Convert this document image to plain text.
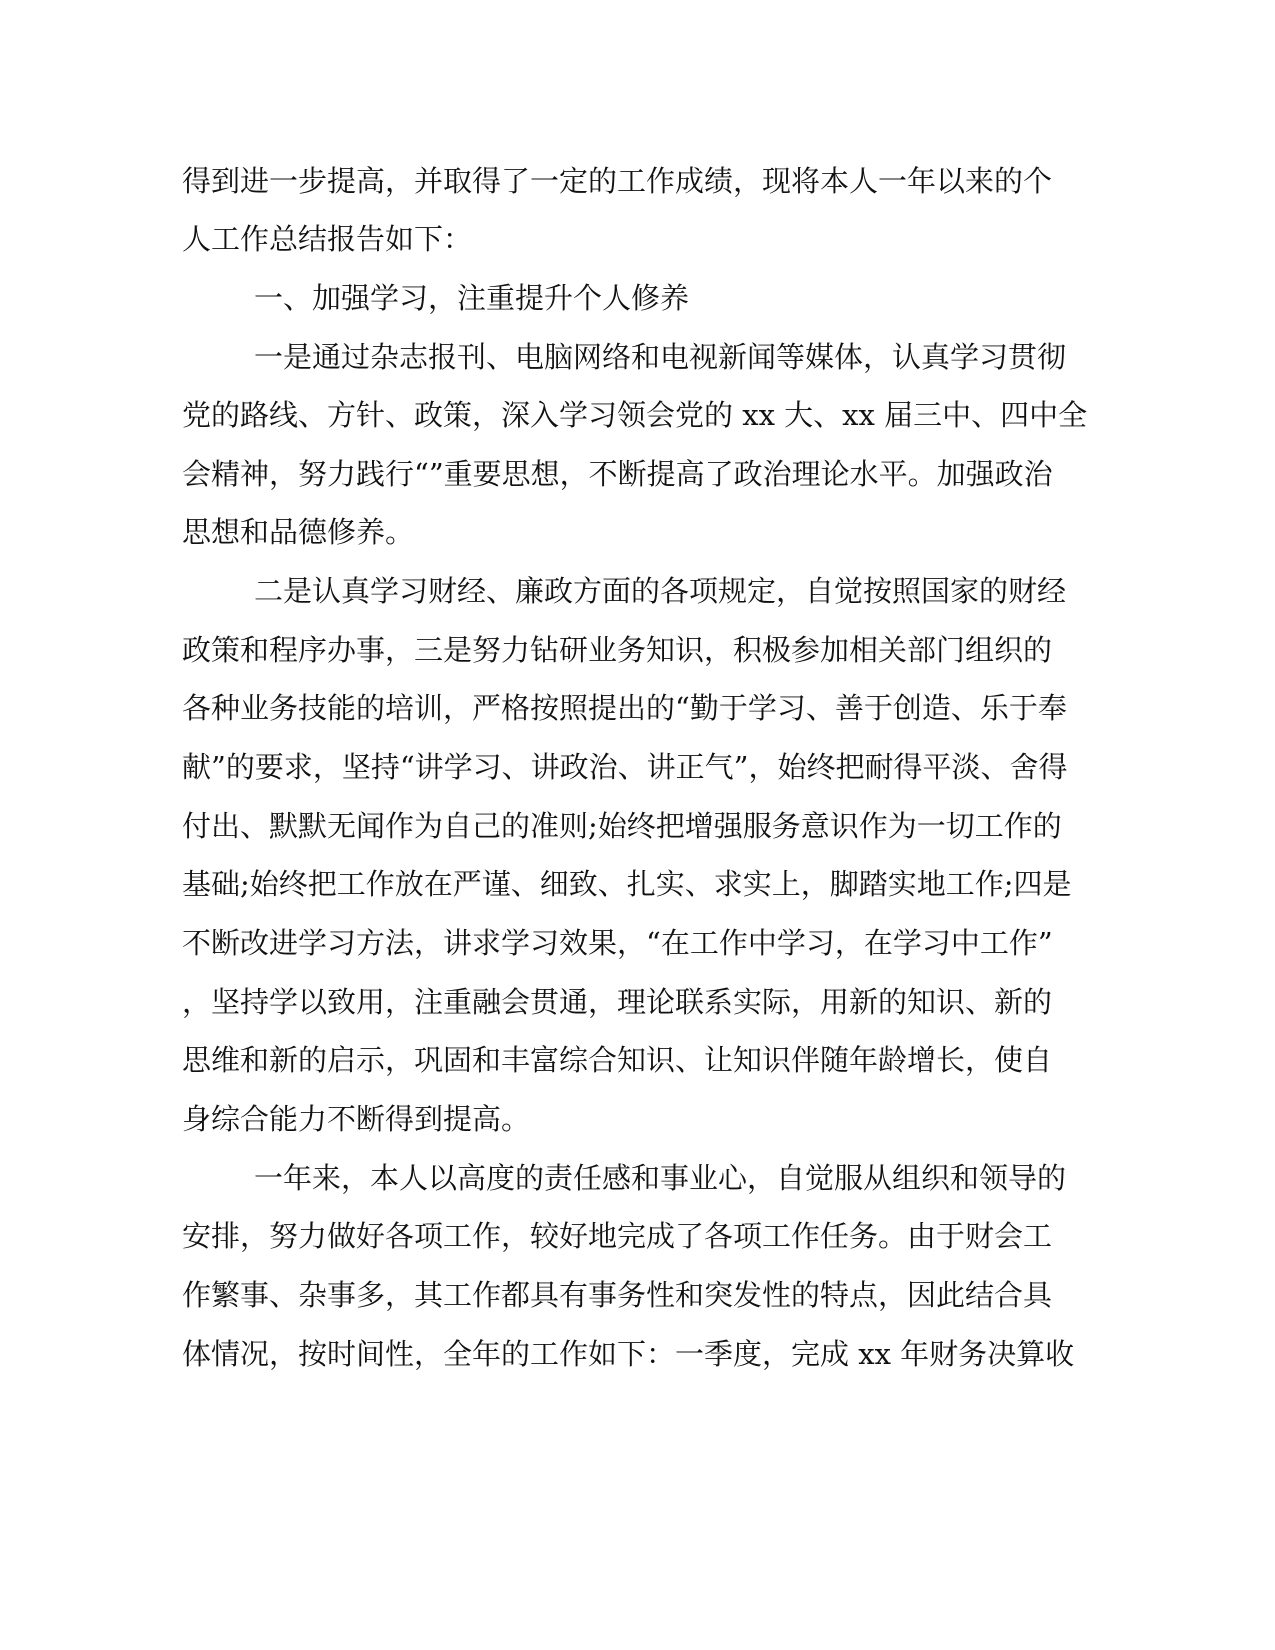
得到进一步提高，并取得了一定的工作成绩，现将本人一年以来的个
人工作总结报告如下：
一、加强学习，注重提升个人修养
一是通过杂志报刊、电脑网络和电视新闻等媒体，认真学习贯彻
党的路线、方针、政策，深入学习领会党的 xx 大、xx 届三中、四中全
会精神，努力践行“”重要思想，不断提高了政治理论水平。加强政治
思想和品德修养。
二是认真学习财经、廉政方面的各项规定，自觉按照国家的财经
政策和程序办事，三是努力钻研业务知识，积极参加相关部门组织的
各种业务技能的培训，严格按照提出的“勤于学习、善于创造、乐于奉
献”的要求，坚持“讲学习、讲政治、讲正气”，始终把耐得平淡、舍得
付出、默默无闻作为自己的准则;始终把增强服务意识作为一切工作的
基础;始终把工作放在严谨、细致、扎实、求实上，脚踏实地工作;四是
不断改进学习方法，讲求学习效果，“在工作中学习，在学习中工作”
，坚持学以致用，注重融会贯通，理论联系实际，用新的知识、新的
思维和新的启示，巩固和丰富综合知识、让知识伴随年龄增长，使自
身综合能力不断得到提高。
一年来，本人以高度的责任感和事业心，自觉服从组织和领导的
安排，努力做好各项工作，较好地完成了各项工作任务。由于财会工
作繁事、杂事多，其工作都具有事务性和突发性的特点，因此结合具
体情况，按时间性，全年的工作如下：一季度，完成 xx 年财务决算收
